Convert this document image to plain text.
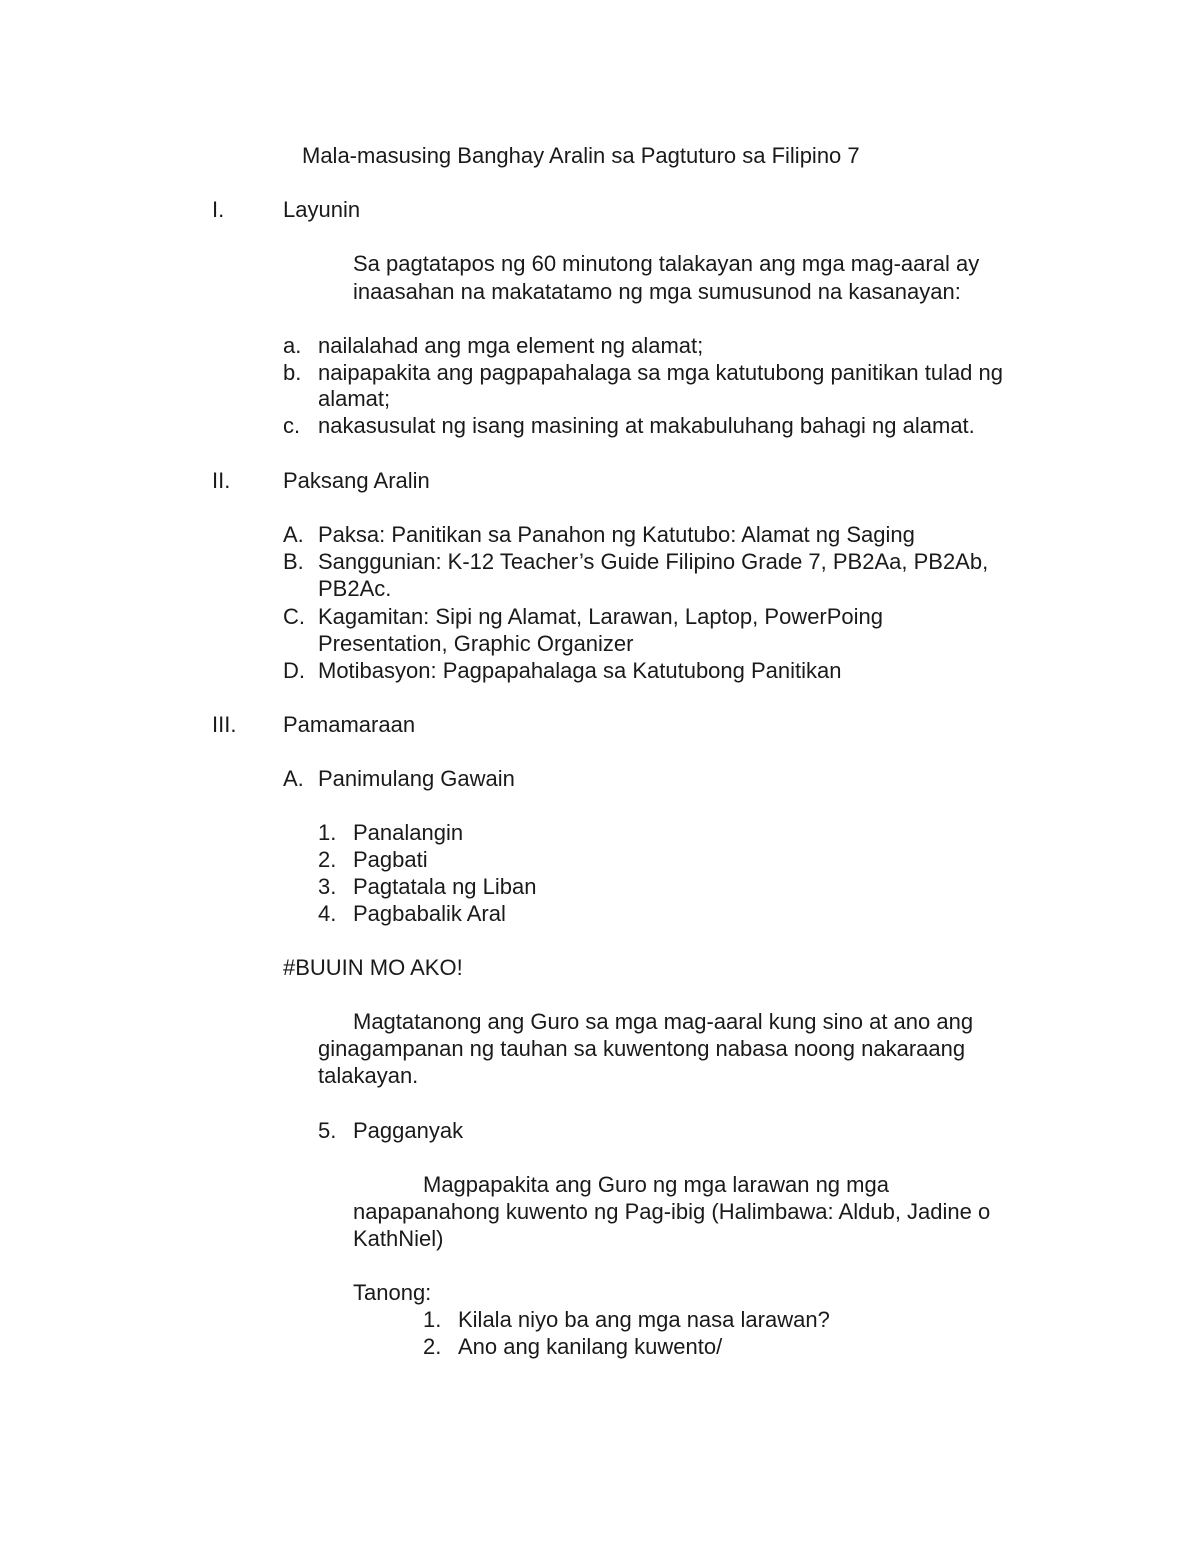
Mala-masusing Banghay Aralin sa Pagtuturo sa Filipino 7
I.	Layunin
Sa pagtatapos ng 60 minutong talakayan ang mga mag-aaral ay
inaasahan na makatatamo ng mga sumusunod na kasanayan:
a. nailalahad ang mga element ng alamat;
b. naipapakita ang pagpapahalaga sa mga katutubong panitikan tulad ng
alamat;
c. nakasusulat ng isang masining at makabuluhang bahagi ng alamat.
II. Paksang Aralin
A. Paksa: Panitikan sa Panahon ng Katutubo: Alamat ng Saging
B. Sanggunian: K-12 Teacher’s Guide Filipino Grade 7, PB2Aa, PB2Ab,
PB2Ac.
C. Kagamitan: Sipi ng Alamat, Larawan, Laptop, PowerPoing
Presentation, Graphic Organizer
D. Motibasyon: Pagpapahalaga sa Katutubong Panitikan
III. Pamamaraan
A. Panimulang Gawain
1. Panalangin
2. Pagbati
3. Pagtatala ng Liban
4. Pagbabalik Aral
#BUUIN MO AKO!
Magtatanong ang Guro sa mga mag-aaral kung sino at ano ang
ginagampanan ng tauhan sa kuwentong nabasa noong nakaraang
talakayan.
5. Pagganyak
Magpapakita ang Guro ng mga larawan ng mga
napapanahong kuwento ng Pag-ibig (Halimbawa: Aldub, Jadine o
KathNiel)
Tanong:
1. Kilala niyo ba ang mga nasa larawan?
2. Ano ang kanilang kuwento/
